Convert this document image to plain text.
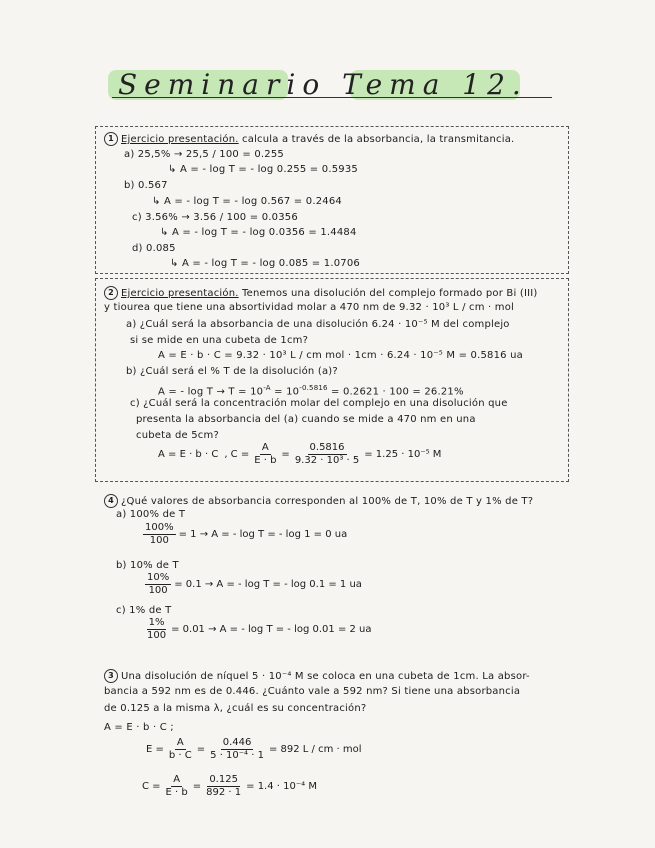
Seminario Tema 12.
1 Ejercicio presentación. calcula a través de la absorbancia, la transmitancia.
a) 25,5% → 25,5 / 100 = 0.255
↳ A = - log T = - log 0.255 = 0.5935
b) 0.567
↳ A = - log T = - log 0.567 = 0.2464
c) 3.56% → 3.56 / 100 = 0.0356
↳ A = - log T = - log 0.0356 = 1.4484
d) 0.085
↳ A = - log T = - log 0.085 = 1.0706
2 Ejercicio presentación. Tenemos una disolución del complejo formado por Bi (III)
y tiourea que tiene una absortividad molar a 470 nm de 9.32 · 10³ L / cm · mol
a) ¿Cuál será la absorbancia de una disolución 6.24 · 10⁻⁵ M del complejo
si se mide en una cubeta de 1cm?
A = E · b · C = 9.32 · 10³ L / cm mol · 1cm · 6.24 · 10⁻⁵ M = 0.5816 ua
b) ¿Cuál será el % T de la disolución (a)?
A = - $\log T \to T = 10^{-A} = 10^{-0.5816} = 0.2621 \cdot 100 = 26.21\%$
c) ¿Cuál será la concentración molar del complejo en una disolución que
presenta la absorbancia del (a) cuando se mide a 470 nm en una
cubeta de 5cm?
A = E · b · C , $C = \frac{A}{E \cdot b} = \frac{0.5816}{\text{9.32 · 10³ · 5}} = 1.25 \cdot 10^{-5}$ M
4 ¿Qué valores de absorbancia corresponden al 100% de T, 10% de T y 1% de T?
a) 100% de T
$\frac{100\%}{100} = 1 \to A$ = - log T = - log 1 = 0 ua
b) 10% de T
$\frac{10\%}{100} = 0.1 \to A$ = - log T = - log 0.1 = 1 ua
c) 1% de T
$\frac{1\%}{100} = 0.01 \to A$ = - log T = - log 0.01 = 2 ua
3 Una disolución de níquel 5 · 10⁻⁴ M se coloca en una cubeta de 1cm. La absor-
bancia a 592 nm es de 0.446. ¿Cuánto vale a 592 nm? Si tiene una absorbancia
de 0.125 a la misma λ, ¿cuál es su concentración?
A = E · b · C ;
$E = \frac{A}{b \cdot C} = \frac{0.446}{\text{5 · 10⁻⁴ · 1}} = 892$ L / cm · mol
$C = \frac{A}{E \cdot b} = \frac{0.125}{892 \cdot 1} = 1.4 \cdot 10^{-4}$ M
